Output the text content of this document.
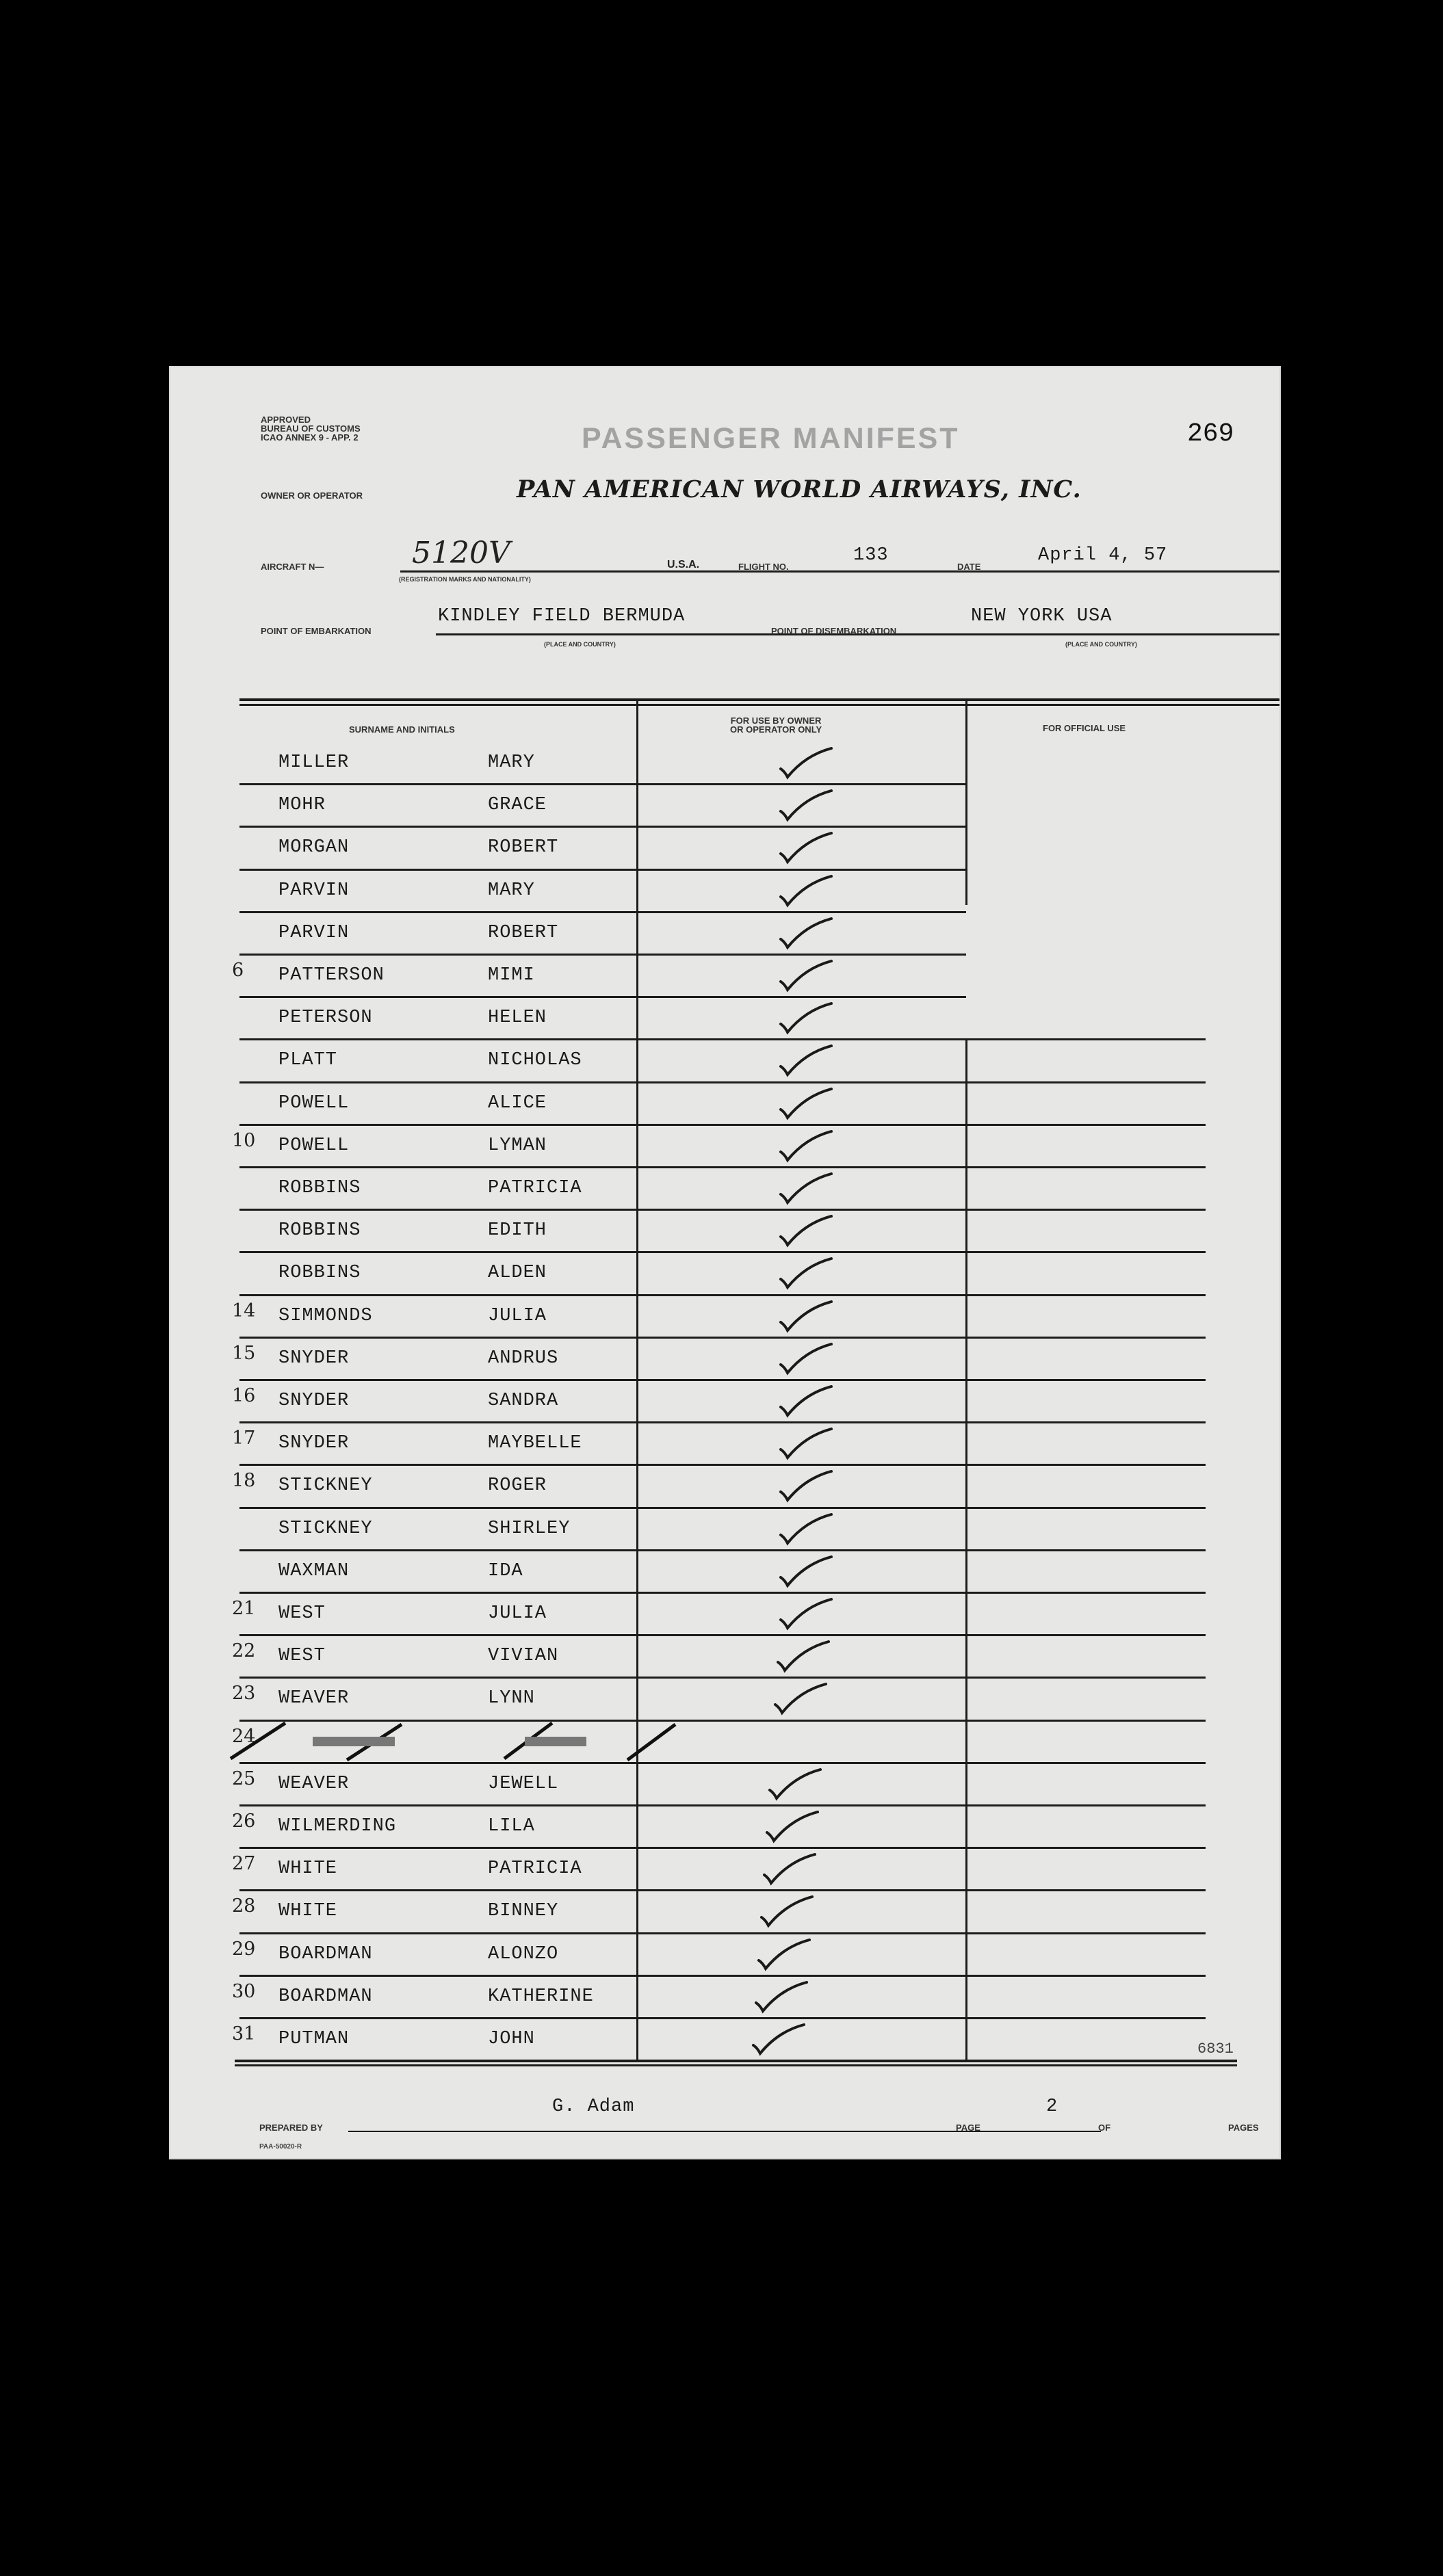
APPROVED
BUREAU OF CUSTOMS
ICAO ANNEX 9 - APP. 2
OWNER OR OPERATOR
PASSENGER MANIFEST	269
PAN AMERICAN WORLD AIRWAYS, INC.
AIRCRAFT N—	5120V
(REGISTRATION MARKS AND NATIONALITY)
U.S.A.	FLIGHT NO.
133
DATE
April 4, 57
POINT OF EMBARKATION
KINDLEY FIELD BERMUDA
(PLACE AND COUNTRY)
POINT OF DISEMBARKATION
NEW YORK USA
(PLACE AND COUNTRY)
SURNAME AND INITIALS
FOR USE BY OWNER
OR OPERATOR ONLY	FOR OFFICIAL USE
MILLER	MARY
MOHR	GRACE
MORGAN	ROBERT
PARVIN	MARY
PARVIN	ROBERT
6 PATTERSON	MIMI
PETERSON	HELEN
PLATT	NICHOLAS
POWELL	ALICE
10 POWELL	LYMAN
ROBBINS	PATRICIA
ROBBINS	EDITH
ROBBINS	ALDEN
14 SIMMONDS	JULIA
15 SNYDER	ANDRUS
16 SNYDER	SANDRA
17 SNYDER	MAYBELLE
18 STICKNEY	ROGER
STICKNEY	SHIRLEY
WAXMAN	IDA
21 WEST	JULIA
22 WEST	VIVIAN
23 WEAVER	LYNN
24
25 WEAVER	JEWELL
26 WILMERDING	LILA
27 WHITE	PATRICIA
28 WHITE	BINNEY
29 BOARDMAN	ALONZO
30 BOARDMAN	KATHERINE
31 PUTMAN	JOHN	6831
PREPARED BY
G. Adam
PAGE
2
OF	PAGES
PAA-50020-R
